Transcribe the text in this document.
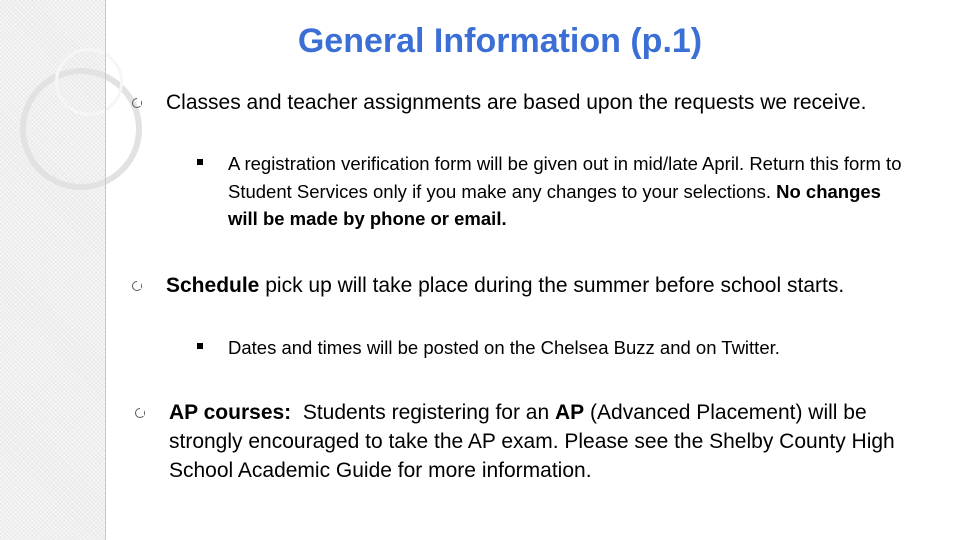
General Information (p.1)
Classes and teacher assignments are based upon the requests we receive.
A registration verification form will be given out in mid/late April. Return this form to Student Services only if you make any changes to your selections. No changes will be made by phone or email.
Schedule pick up will take place during the summer before school starts.
Dates and times will be posted on the Chelsea Buzz and on Twitter.
AP courses: Students registering for an AP (Advanced Placement) will be strongly encouraged to take the AP exam. Please see the Shelby County High School Academic Guide for more information.
